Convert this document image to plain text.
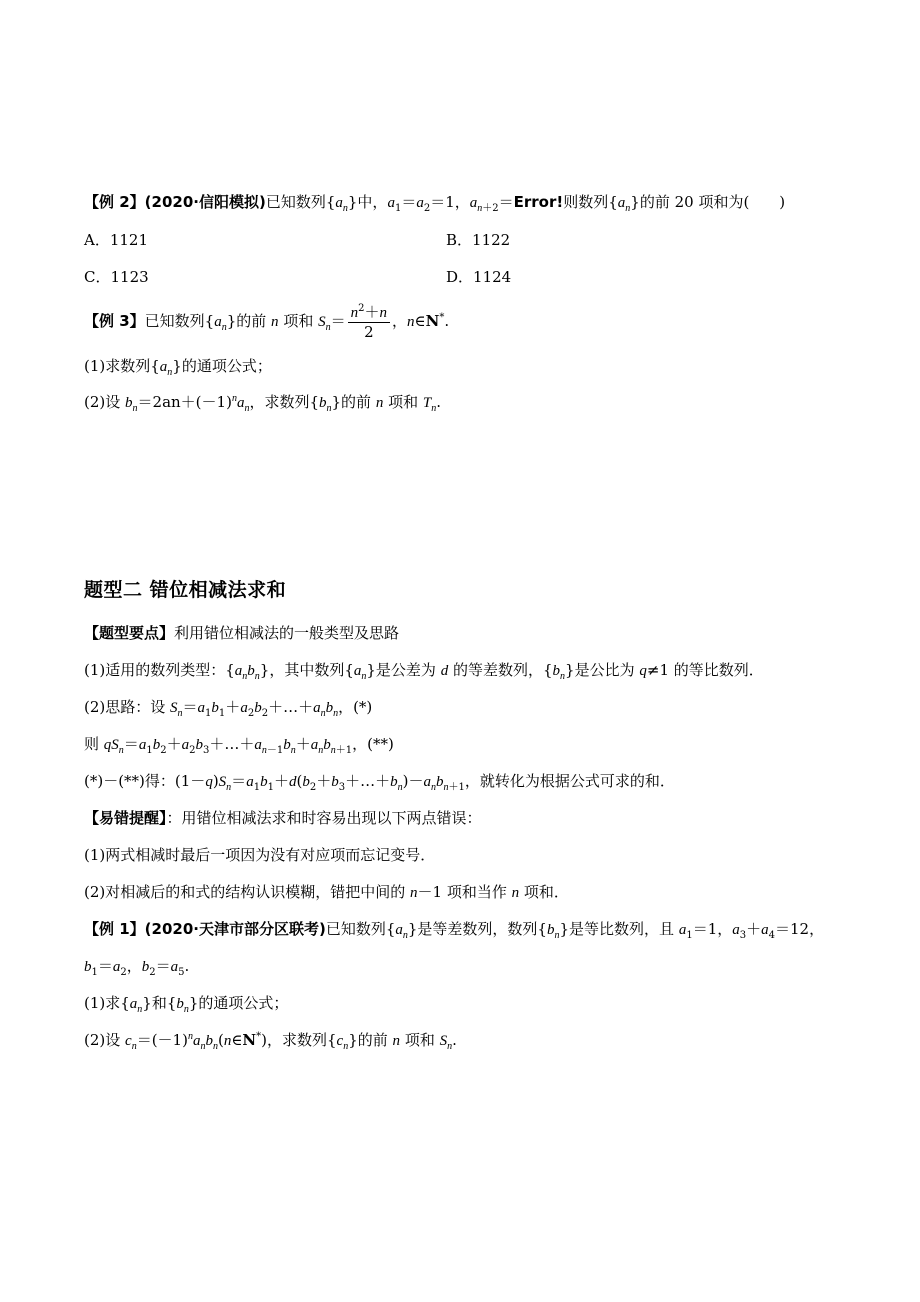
【例 2】(2020·信阳模拟)已知数列$\{a_n\}$中，$a_1=a_2=1$，$a_{n+2}=Error$!则数列$\{a_n\}$的前 20 项和为(　　)
A．1121	B．1122
C．1123	D．1124
【例 3】已知数列$\{a_n\}$的前 n 项和 $S_n= \frac{n^2+n}{2}$ ，n∈N*.
(1)求数列$\{a_n\}$的通项公式；
(2)设 $b_n=2an+(-1)^na_n$，求数列$\{b_n\}$的前 n 项和 $T_n$.
题型二 错位相减法求和
【题型要点】利用错位相减法的一般类型及思路
(1)适用的数列类型：$\{a_nb_n\}$，其中数列$\{a_n\}$是公差为 d 的等差数列，$\{b_n\}$是公比为 q≠1 的等比数列．
(2)思路：设 $S_n=a_1b_1+a_2b_2+\dots+a_nb_n$，(*)
则 $qS_n=a_1b_2+a_2b_3+\dots+a_{n-1}b_n+a_nb_{n+1}$，(**)
(*)－(**)得：$(1-q)S_n=a_1b_1+d(b_2+b_3+\dots+b_n)-a_nb_{n+1}$，就转化为根据公式可求的和．
【易错提醒】：用错位相减法求和时容易出现以下两点错误：
(1)两式相减时最后一项因为没有对应项而忘记变号．
(2)对相减后的和式的结构认识模糊，错把中间的 n－1 项和当作 n 项和．
【例 1】(2020·天津市部分区联考)已知数列$\{a_n\}$是等差数列，数列$\{b_n\}$是等比数列，且 $a_1=1$，$a_3+a_4=12$，
$b_1=a_2$，$b_2=a_5$.
(1)求$\{a_n\}$和$\{b_n\}$的通项公式；
(2)设 $c_n=(-1)^na_nb_n(n\in N^*)$，求数列$\{c_n\}$的前 n 项和 $S_n$.
